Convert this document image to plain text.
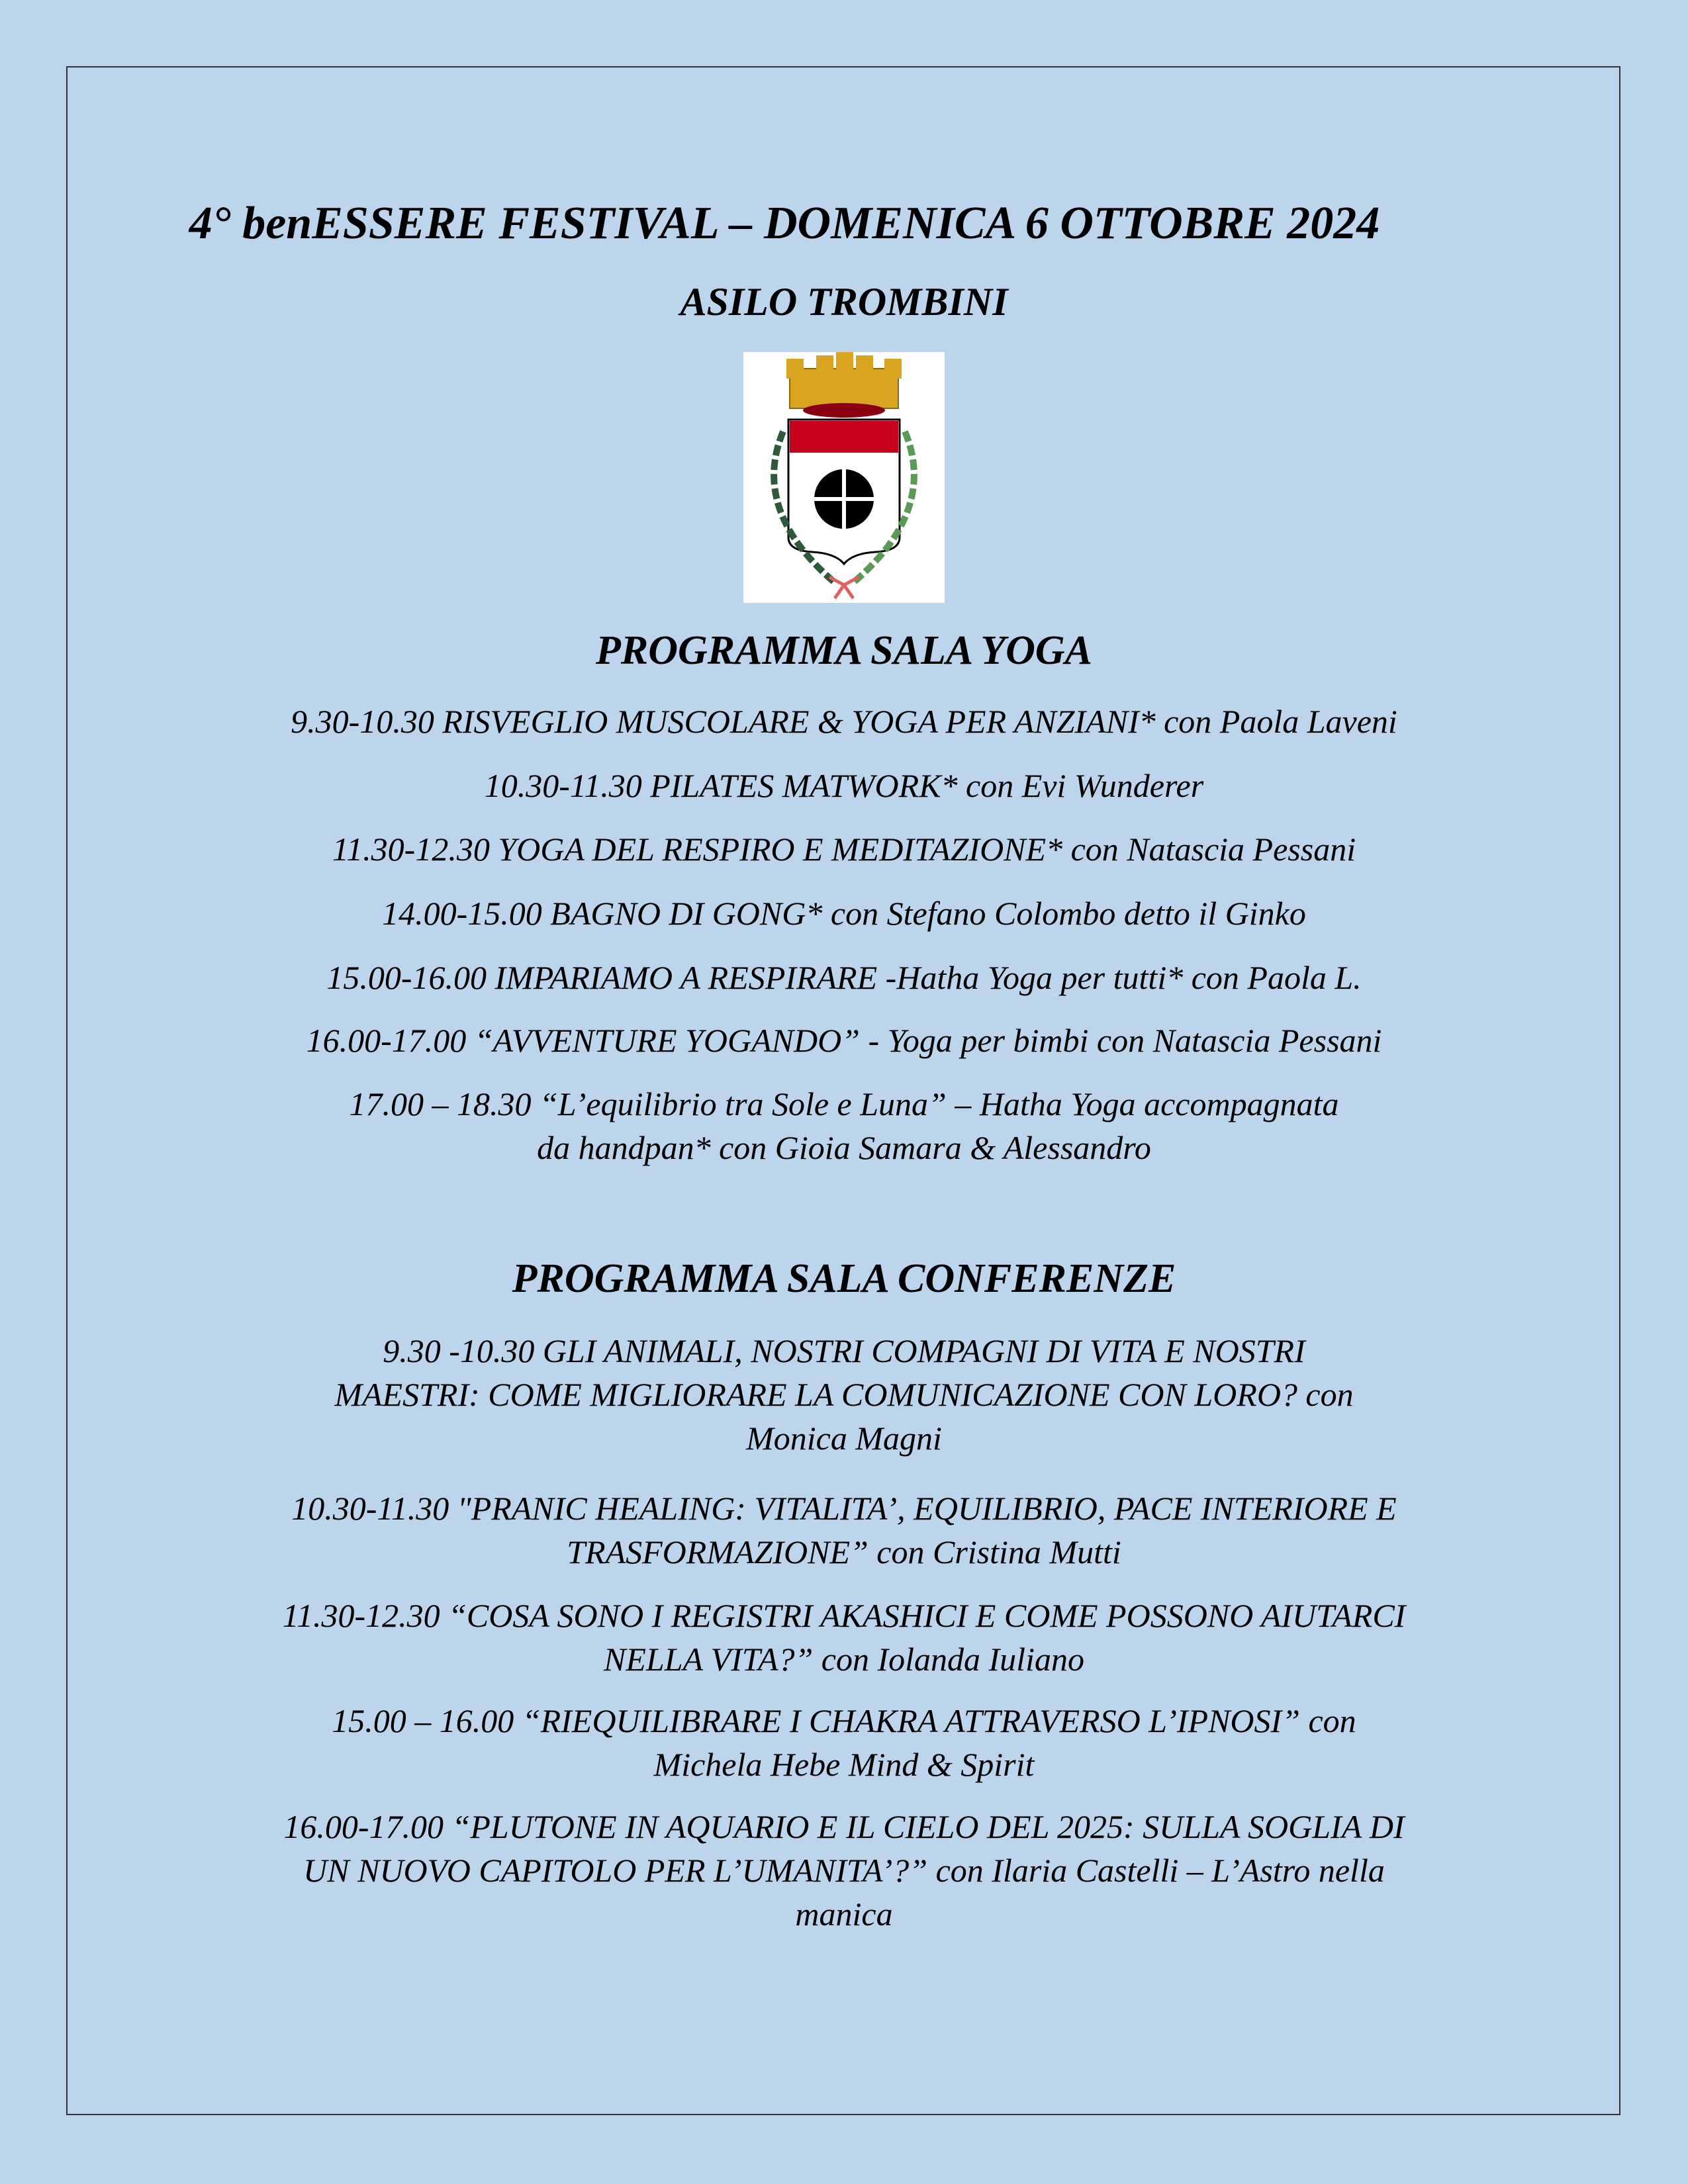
4° benESSERE FESTIVAL – DOMENICA 6 OTTOBRE 2024
ASILO TROMBINI
PROGRAMMA SALA YOGA
9.30-10.30 RISVEGLIO MUSCOLARE & YOGA PER ANZIANI* con Paola Laveni
10.30-11.30 PILATES MATWORK* con Evi Wunderer
11.30-12.30 YOGA DEL RESPIRO E MEDITAZIONE* con Natascia Pessani
14.00-15.00 BAGNO DI GONG* con Stefano Colombo detto il Ginko
15.00-16.00 IMPARIAMO A RESPIRARE -Hatha Yoga per tutti* con Paola L.
16.00-17.00 “AVVENTURE YOGANDO” - Yoga per bimbi con Natascia Pessani
17.00 – 18.30 “L’equilibrio tra Sole e Luna” – Hatha Yoga accompagnata
da handpan* con Gioia Samara & Alessandro
PROGRAMMA SALA CONFERENZE
9.30 -10.30 GLI ANIMALI, NOSTRI COMPAGNI DI VITA E NOSTRI
MAESTRI: COME MIGLIORARE LA COMUNICAZIONE CON LORO? con
Monica Magni
10.30-11.30 "PRANIC HEALING: VITALITA’, EQUILIBRIO, PACE INTERIORE E
TRASFORMAZIONE” con Cristina Mutti
11.30-12.30 “COSA SONO I REGISTRI AKASHICI E COME POSSONO AIUTARCI
NELLA VITA?” con Iolanda Iuliano
15.00 – 16.00 “RIEQUILIBRARE I CHAKRA ATTRAVERSO L’IPNOSI” con
Michela Hebe Mind & Spirit
16.00-17.00 “PLUTONE IN AQUARIO E IL CIELO DEL 2025: SULLA SOGLIA DI
UN NUOVO CAPITOLO PER L’UMANITA’?” con Ilaria Castelli – L’Astro nella
manica
